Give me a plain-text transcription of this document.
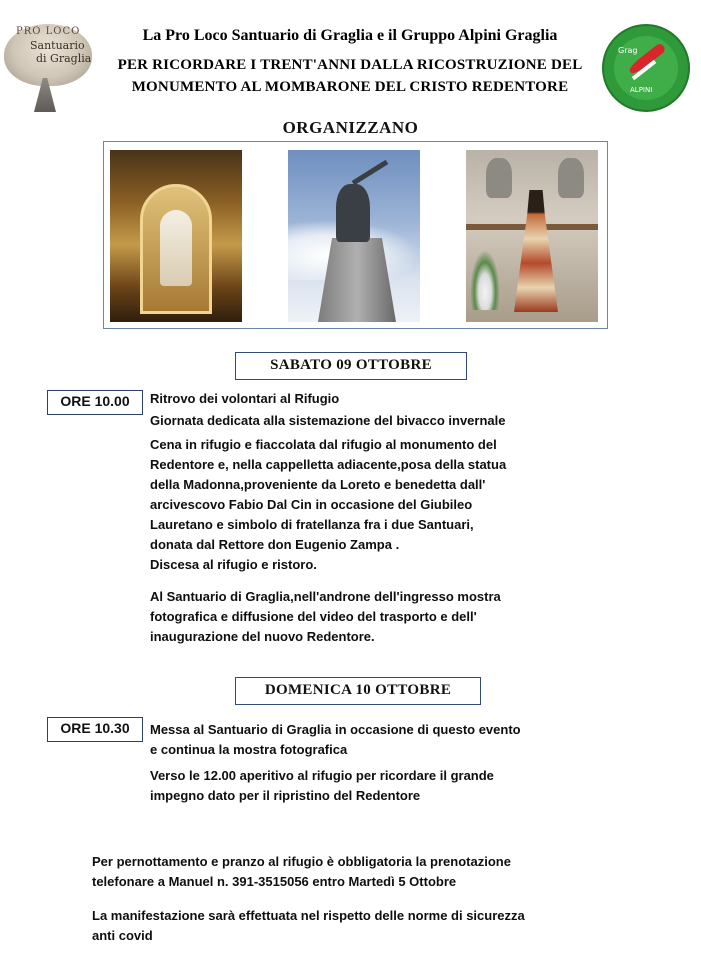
PRO LOCO
Santuario
di Graglia
Grag
ALPINI
La Pro Loco Santuario di Graglia e il Gruppo Alpini Graglia
PER RICORDARE I TRENT'ANNI DALLA RICOSTRUZIONE DEL
MONUMENTO AL MOMBARONE DEL CRISTO REDENTORE
ORGANIZZANO
SABATO 09 OTTOBRE
ORE 10.00	Ritrovo dei volontari al Rifugio
Giornata dedicata alla sistemazione del bivacco invernale
Cena in rifugio e fiaccolata dal rifugio al monumento del
Redentore e, nella cappelletta adiacente,posa della statua
della Madonna,proveniente da Loreto e benedetta dall'
arcivescovo Fabio Dal Cin in occasione del Giubileo
Lauretano e simbolo di fratellanza fra i due Santuari,
donata dal Rettore don Eugenio Zampa .
Discesa al rifugio e ristoro.
Al Santuario di Graglia,nell'androne dell'ingresso mostra
fotografica e diffusione del video del trasporto e dell'
inaugurazione del nuovo Redentore.
DOMENICA 10 OTTOBRE
ORE 10.30	Messa al Santuario di Graglia in occasione di questo evento
e continua la mostra fotografica
Verso le 12.00 aperitivo al rifugio per ricordare il grande
impegno dato per il ripristino del Redentore
Per pernottamento e pranzo al rifugio è obbligatoria la prenotazione
telefonare a Manuel n. 391-3515056 entro Martedì 5 Ottobre
La manifestazione sarà effettuata nel rispetto delle norme di sicurezza
anti covid
